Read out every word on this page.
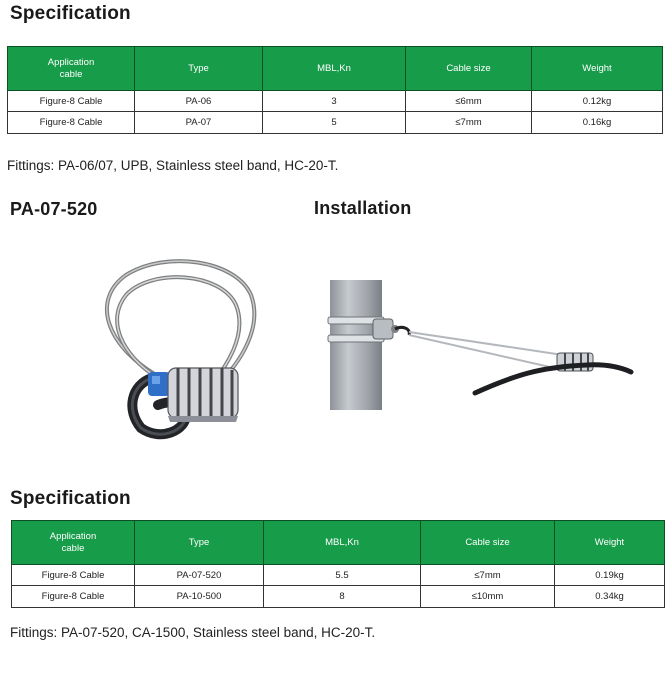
Specification
Application
cable	Type	MBL,Kn	Cable size	Weight
Figure-8 Cable	PA-06	3	≤6mm	0.12kg
Figure-8 Cable	PA-07	5	≤7mm	0.16kg
Fittings: PA-06/07, UPB, Stainless steel band, HC-20-T.
PA-07-520	Installation
Specification
Application
cable	Type	MBL,Kn	Cable size	Weight
Figure-8 Cable	PA-07-520	5.5	≤7mm	0.19kg
Figure-8 Cable	PA-10-500	8	≤10mm	0.34kg
Fittings: PA-07-520, CA-1500, Stainless steel band, HC-20-T.
